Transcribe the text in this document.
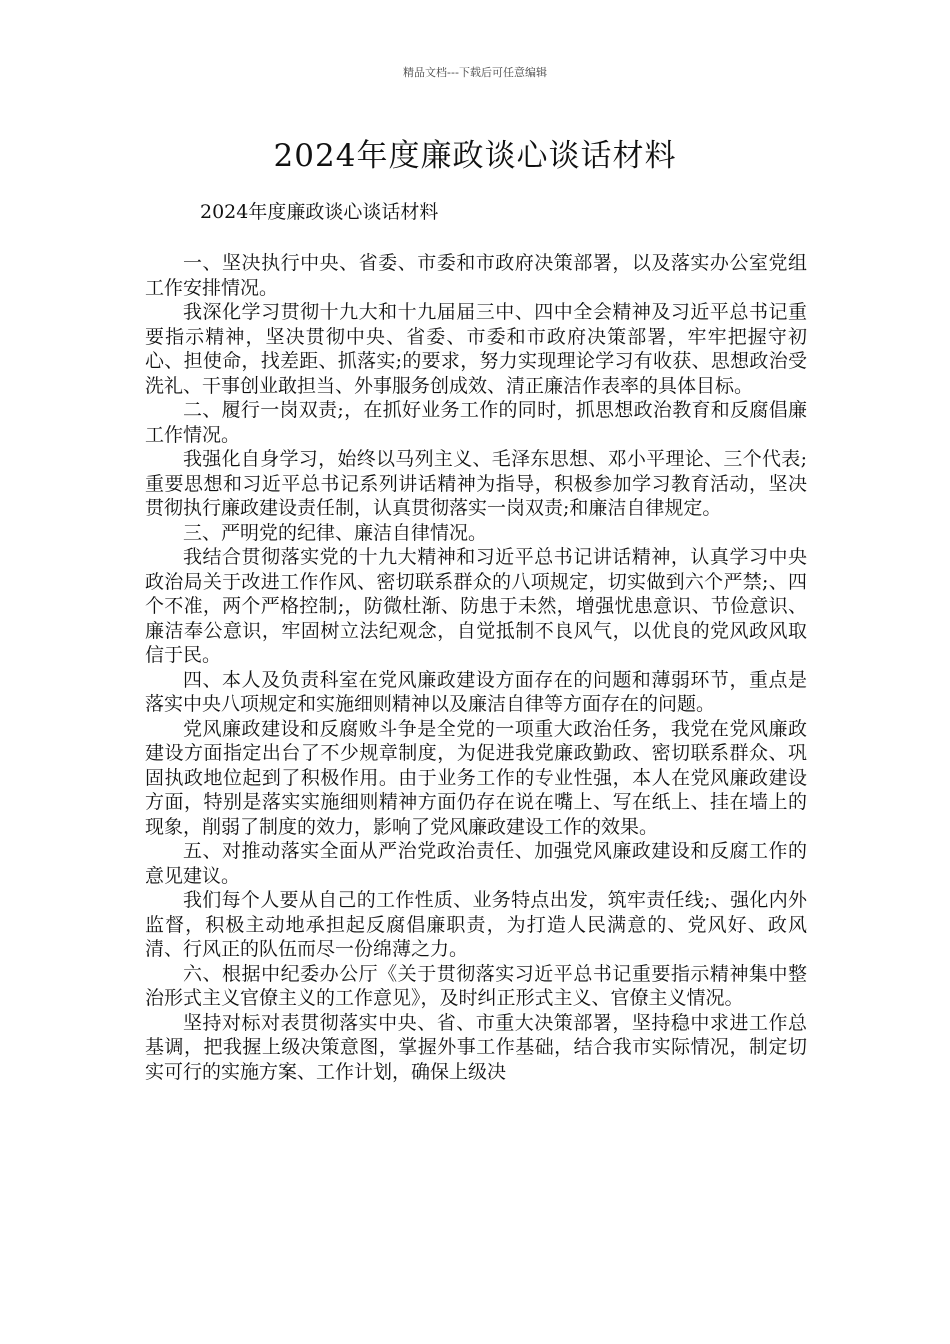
精品文档---下载后可任意编辑
2024年度廉政谈心谈话材料

2024年度廉政谈心谈话材料

一、坚决执行中央、省委、市委和市政府决策部署，以及落实办公室党组工作安排情况。

我深化学习贯彻十九大和十九届届三中、四中全会精神及习近平总书记重要指示精神，坚决贯彻中央、省委、市委和市政府决策部署，牢牢把握守初心、担使命，找差距、抓落实;的要求，努力实现理论学习有收获、思想政治受洗礼、干事创业敢担当、外事服务创成效、清正廉洁作表率的具体目标。

二、履行一岗双责;，在抓好业务工作的同时，抓思想政治教育和反腐倡廉工作情况。

我强化自身学习，始终以马列主义、毛泽东思想、邓小平理论、三个代表;重要思想和习近平总书记系列讲话精神为指导，积极参加学习教育活动，坚决贯彻执行廉政建设责任制，认真贯彻落实一岗双责;和廉洁自律规定。

三、严明党的纪律、廉洁自律情况。

我结合贯彻落实党的十九大精神和习近平总书记讲话精神，认真学习中央政治局关于改进工作作风、密切联系群众的八项规定，切实做到六个严禁;、四个不准，两个严格控制;，防微杜渐、防患于未然，增强忧患意识、节俭意识、廉洁奉公意识，牢固树立法纪观念，自觉抵制不良风气，以优良的党风政风取信于民。

四、本人及负责科室在党风廉政建设方面存在的问题和薄弱环节，重点是落实中央八项规定和实施细则精神以及廉洁自律等方面存在的问题。

党风廉政建设和反腐败斗争是全党的一项重大政治任务，我党在党风廉政建设方面指定出台了不少规章制度，为促进我党廉政勤政、密切联系群众、巩固执政地位起到了积极作用。由于业务工作的专业性强，本人在党风廉政建设方面，特别是落实实施细则精神方面仍存在说在嘴上、写在纸上、挂在墙上的现象，削弱了制度的效力，影响了党风廉政建设工作的效果。

五、对推动落实全面从严治党政治责任、加强党风廉政建设和反腐工作的意见建议。

我们每个人要从自己的工作性质、业务特点出发，筑牢责任线;、强化内外监督，积极主动地承担起反腐倡廉职责，为打造人民满意的、党风好、政风清、行风正的队伍而尽一份绵薄之力。

六、根据中纪委办公厅《关于贯彻落实习近平总书记重要指示精神集中整治形式主义官僚主义的工作意见》，及时纠正形式主义、官僚主义情况。

坚持对标对表贯彻落实中央、省、市重大决策部署，坚持稳中求进工作总基调，把我握上级决策意图，掌握外事工作基础，结合我市实际情况，制定切实可行的实施方案、工作计划，确保上级决
